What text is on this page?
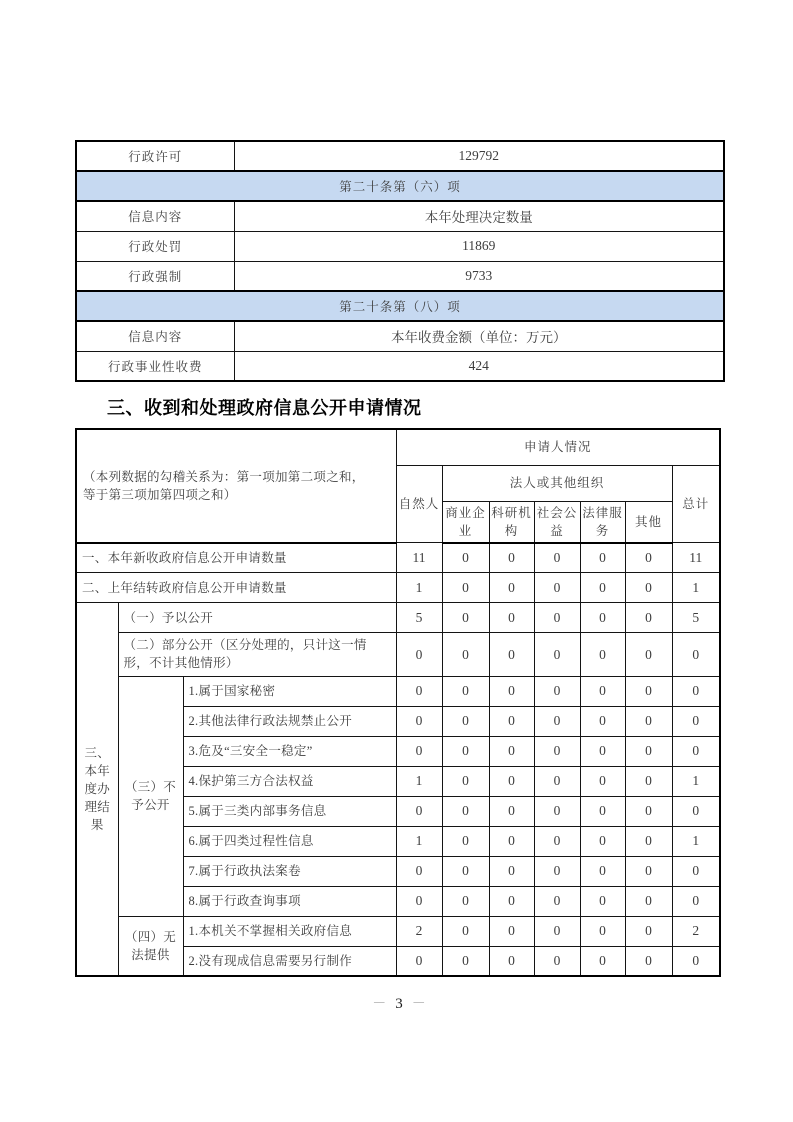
行政许可	129792
第二十条第（六）项	
信息内容	本年处理决定数量
行政处罚	11869
行政强制	9733
第二十条第（八）项	
信息内容	本年收费金额（单位：万元）
行政事业性收费	424
三、收到和处理政府信息公开申请情况
（本列数据的勾稽关系为：第一项加第二项之和，
等于第三项加第四项之和）			申请人情况						
			自然人	法人或其他组织					总计
				商业企业	科研机构	社会公益	法律服务	其他	
一、本年新收政府信息公开申请数量			11	0	0	0	0	0	11
二、上年结转政府信息公开申请数量			1	0	0	0	0	0	1
三、本年度办理结果	（一）予以公开		5	0	0	0	0	0	5
	（二）部分公开（区分处理的，只计这一情形，不计其他情形）		0	0	0	0	0	0	0
	（三）不予公开	1.属于国家秘密	0	0	0	0	0	0	0
		2.其他法律行政法规禁止公开	0	0	0	0	0	0	0
		3.危及“三安全一稳定”	0	0	0	0	0	0	0
		4.保护第三方合法权益	1	0	0	0	0	0	1
		5.属于三类内部事务信息	0	0	0	0	0	0	0
		6.属于四类过程性信息	1	0	0	0	0	0	1
		7.属于行政执法案卷	0	0	0	0	0	0	0
		8.属于行政查询事项	0	0	0	0	0	0	0
	（四）无法提供	1.本机关不掌握相关政府信息	2	0	0	0	0	0	2
		2.没有现成信息需要另行制作	0	0	0	0	0	0	0
－ 3 －
